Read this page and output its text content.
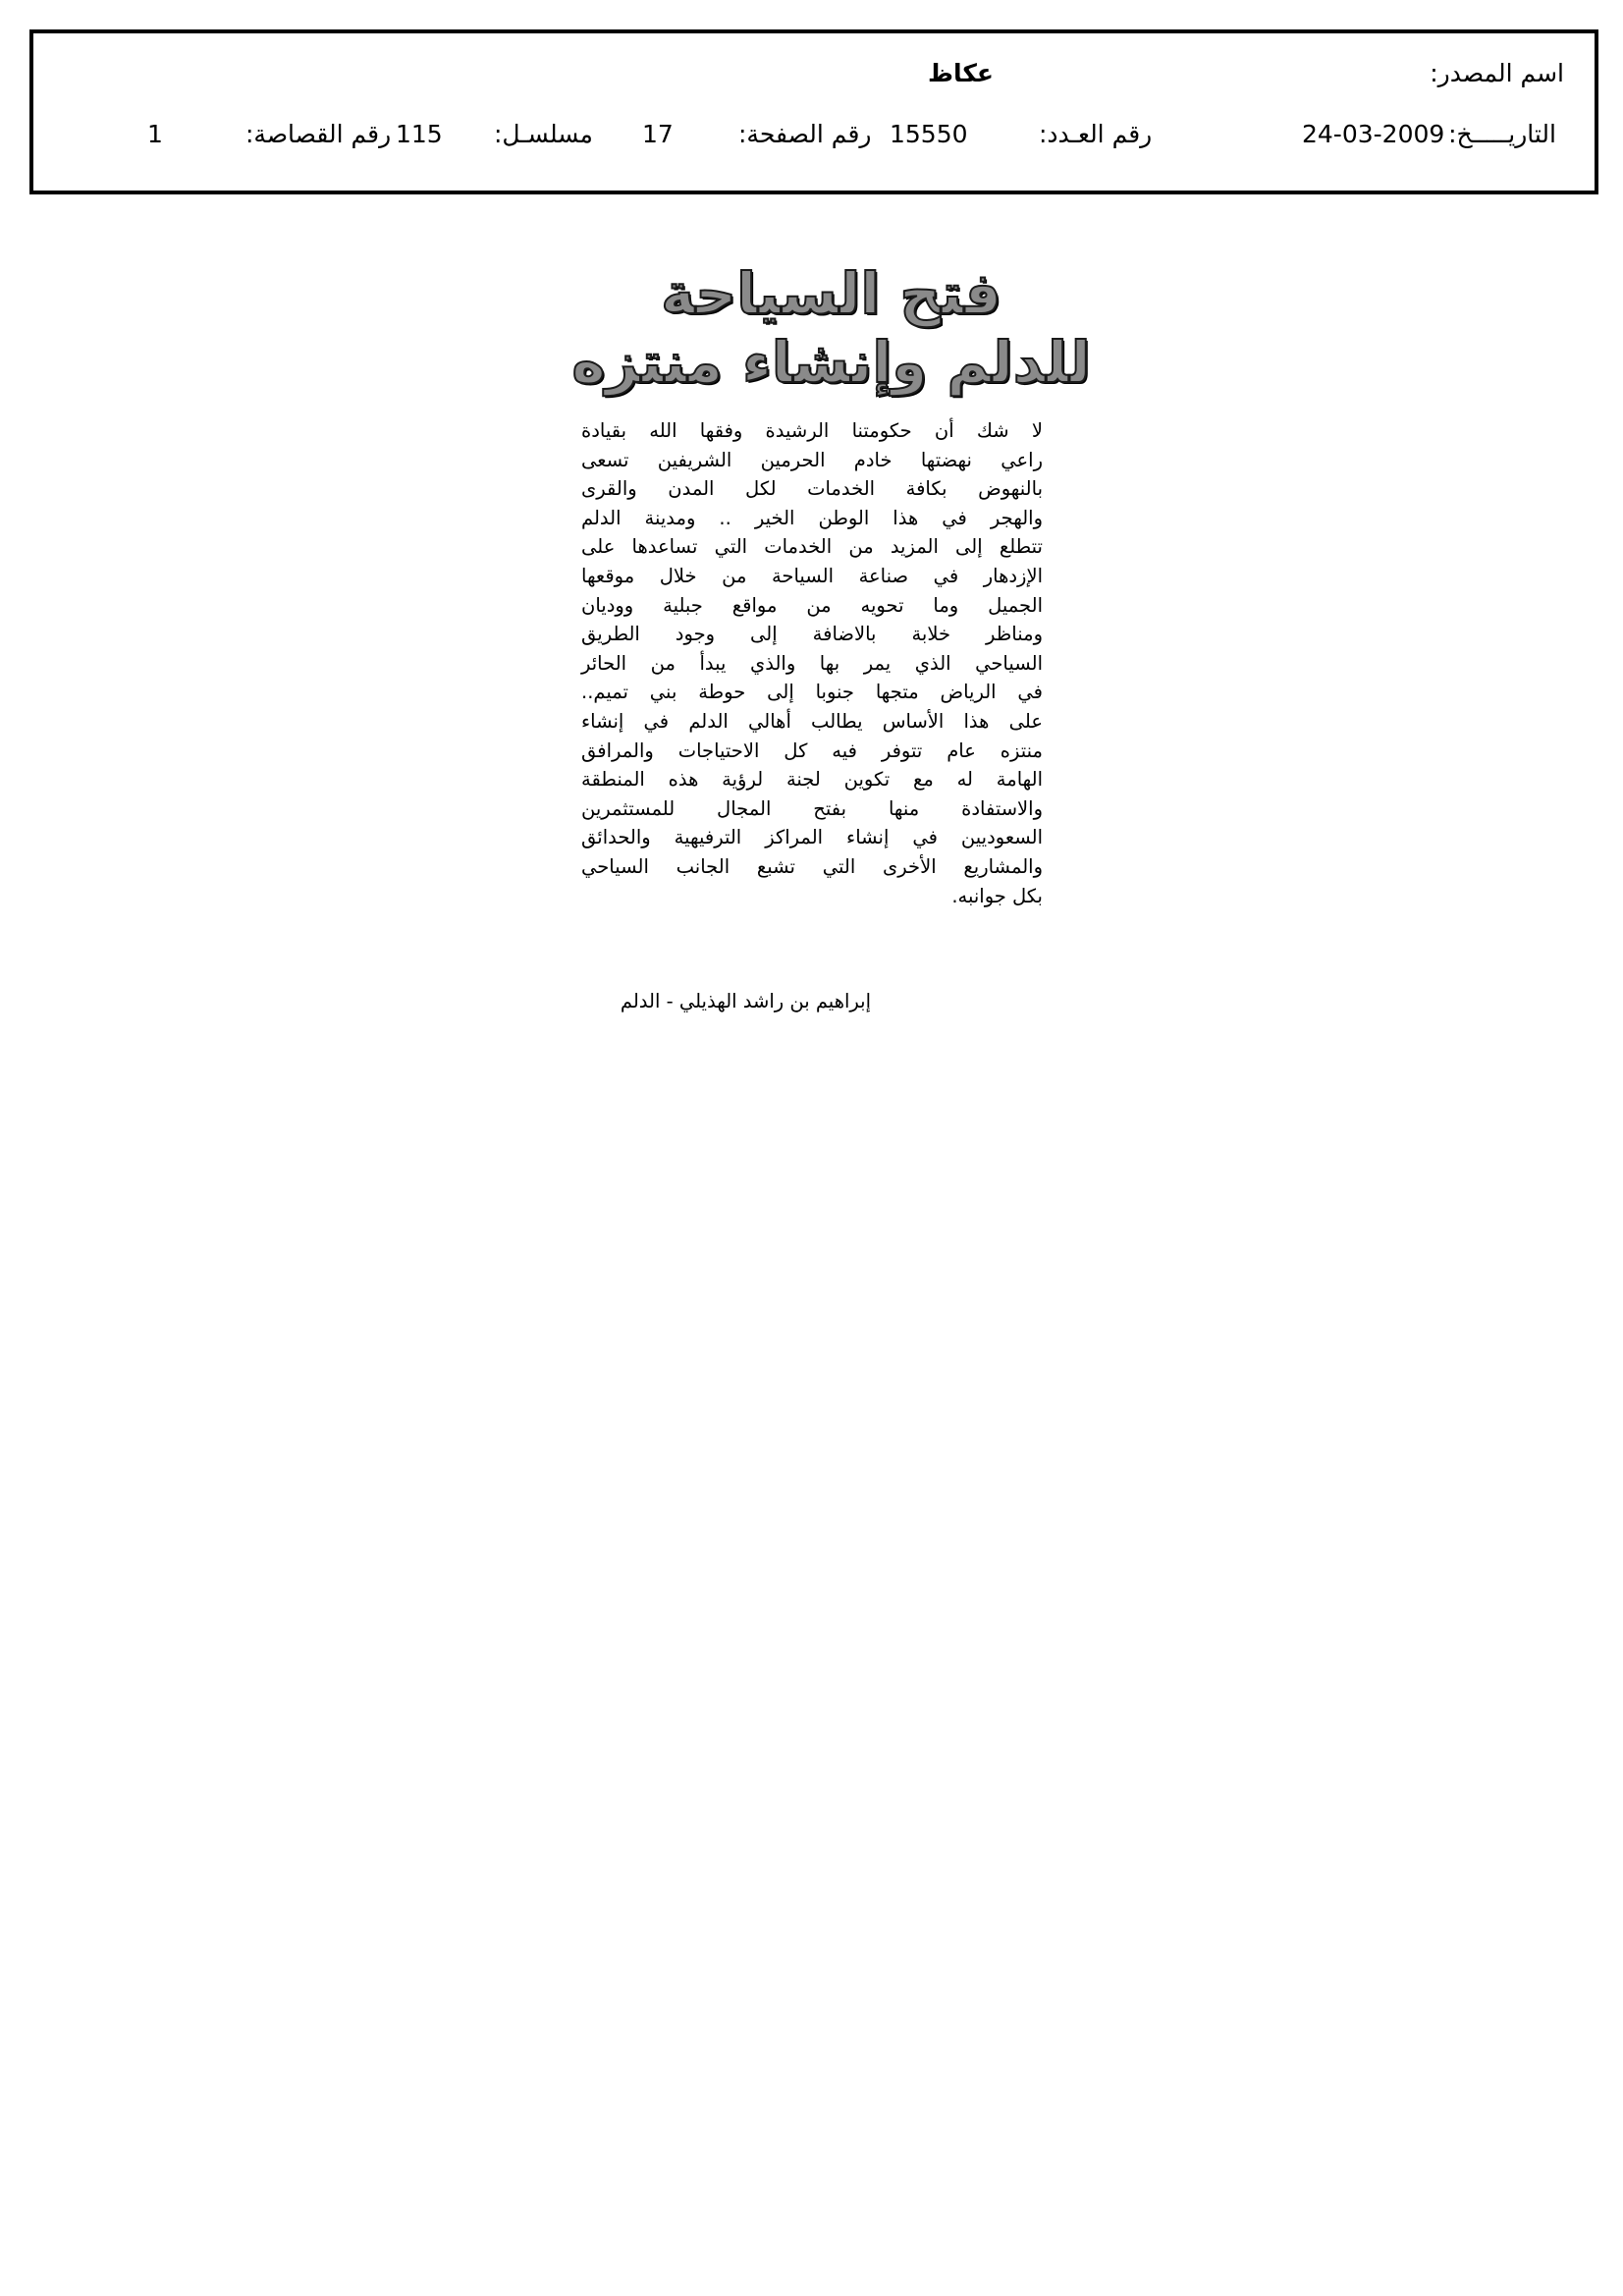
اسم المصدر:
عكاظ
التاريـــــخ:
24-03-2009
رقم العـدد:
15550
رقم الصفحة:
17
مسلسـل:
115
رقم القصاصة:
1
فتح السياحة
للدلم وإنشاء منتزه
لا شك أن حكومتنا الرشيدة وفقها الله بقيادة
راعي نهضتها خادم الحرمين الشريفين تسعى
بالنهوض بكافة الخدمات لكل المدن والقرى
والهجر في هذا الوطن الخير .. ومدينة الدلم
تتطلع إلى المزيد من الخدمات التي تساعدها على
الإزدهار في صناعة السياحة من خلال موقعها
الجميل وما تحويه من مواقع جبلية ووديان
ومناظر خلابة بالاضافة إلى وجود الطريق
السياحي الذي يمر بها والذي يبدأ من الحائر
في الرياض متجها جنوبا إلى حوطة بني تميم..
على هذا الأساس يطالب أهالي الدلم في إنشاء
منتزه عام تتوفر فيه كل الاحتياجات والمرافق
الهامة له مع تكوين لجنة لرؤية هذه المنطقة
والاستفادة منها بفتح المجال للمستثمرين
السعوديين في إنشاء المراكز الترفيهية والحدائق
والمشاريع الأخرى التي تشبع الجانب السياحي
بكل جوانبه.
إبراهيم بن راشد الهذيلي - الدلم
